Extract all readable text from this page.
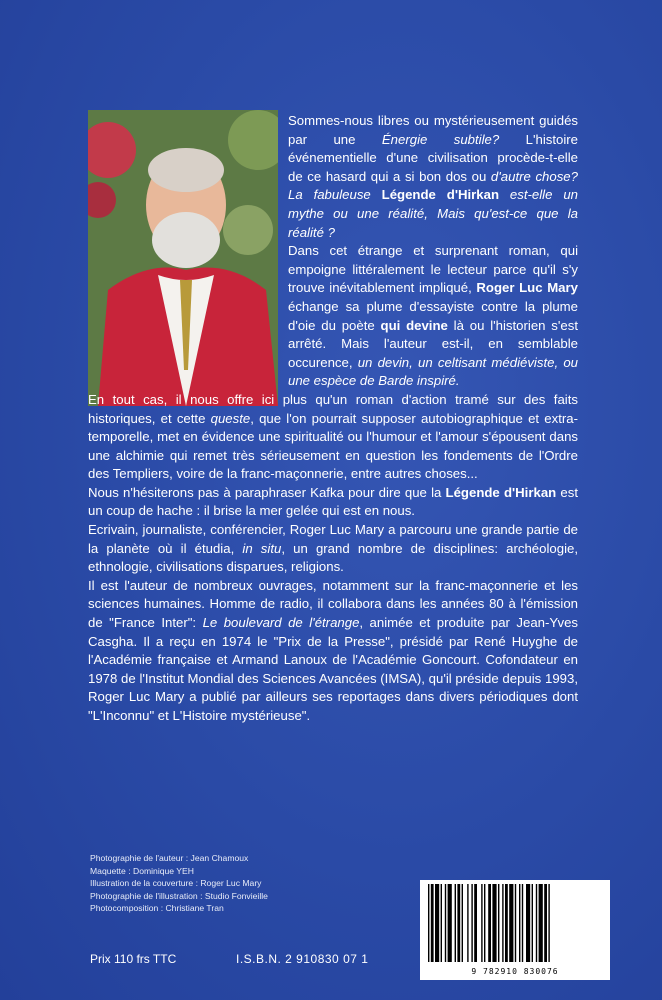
Sommes-nous libres ou mystérieusement guidés par une Énergie subtile? L'histoire événementielle d'une civilisation procède-t-elle de ce hasard qui a si bon dos ou d'autre chose? La fabuleuse Légende d'Hirkan est-elle un mythe ou une réalité, Mais qu'est-ce que la réalité ?

Dans cet étrange et surprenant roman, qui empoigne littéralement le lecteur parce qu'il s'y trouve inévitablement impliqué, Roger Luc Mary échange sa plume d'essayiste contre la plume d'oie du poète qui devine là ou l'historien s'est arrêté. Mais l'auteur est-il, en semblable occurence, un devin, un celtisant médiéviste, ou une espèce de Barde inspiré.

En tout cas, il nous offre ici plus qu'un roman d'action tramé sur des faits historiques, et cette queste, que l'on pourrait supposer autobiographique et extra-temporelle, met en évidence une spiritualité ou l'humour et l'amour s'épousent dans une alchimie qui remet très sérieusement en question les fondements de l'Ordre des Templiers, voire de la franc-maçonnerie, entre autres choses...

Nous n'hésiterons pas à paraphraser Kafka pour dire que la Légende d'Hirkan est un coup de hache : il brise la mer gelée qui est en nous.

Ecrivain, journaliste, conférencier, Roger Luc Mary a parcouru une grande partie de la planète où il étudia, in situ, un grand nombre de disciplines: archéologie, ethnologie, civilisations disparues, religions.

Il est l'auteur de nombreux ouvrages, notamment sur la franc-maçonnerie et les sciences humaines. Homme de radio, il collabora dans les années 80 à l'émission de "France Inter": Le boulevard de l'étrange, animée et produite par Jean-Yves Casgha. Il a reçu en 1974 le "Prix de la Presse", présidé par René Huyghe de l'Académie française et Armand Lanoux de l'Académie Goncourt. Cofondateur en 1978 de l'Institut Mondial des Sciences Avancées (IMSA), qu'il préside depuis 1993, Roger Luc Mary a publié par ailleurs ses reportages dans divers périodiques dont "L'Inconnu" et L'Histoire mystérieuse".

Photographie de l'auteur : Jean Chamoux
Maquette : Dominique YEH
Illustration de la couverture : Roger Luc Mary
Photographie de l'illustration : Studio Fonvieille
Photocomposition : Christiane Tran
Prix 110 frs TTC	I.S.B.N. 2 910830 07 1
9 782910 830076
